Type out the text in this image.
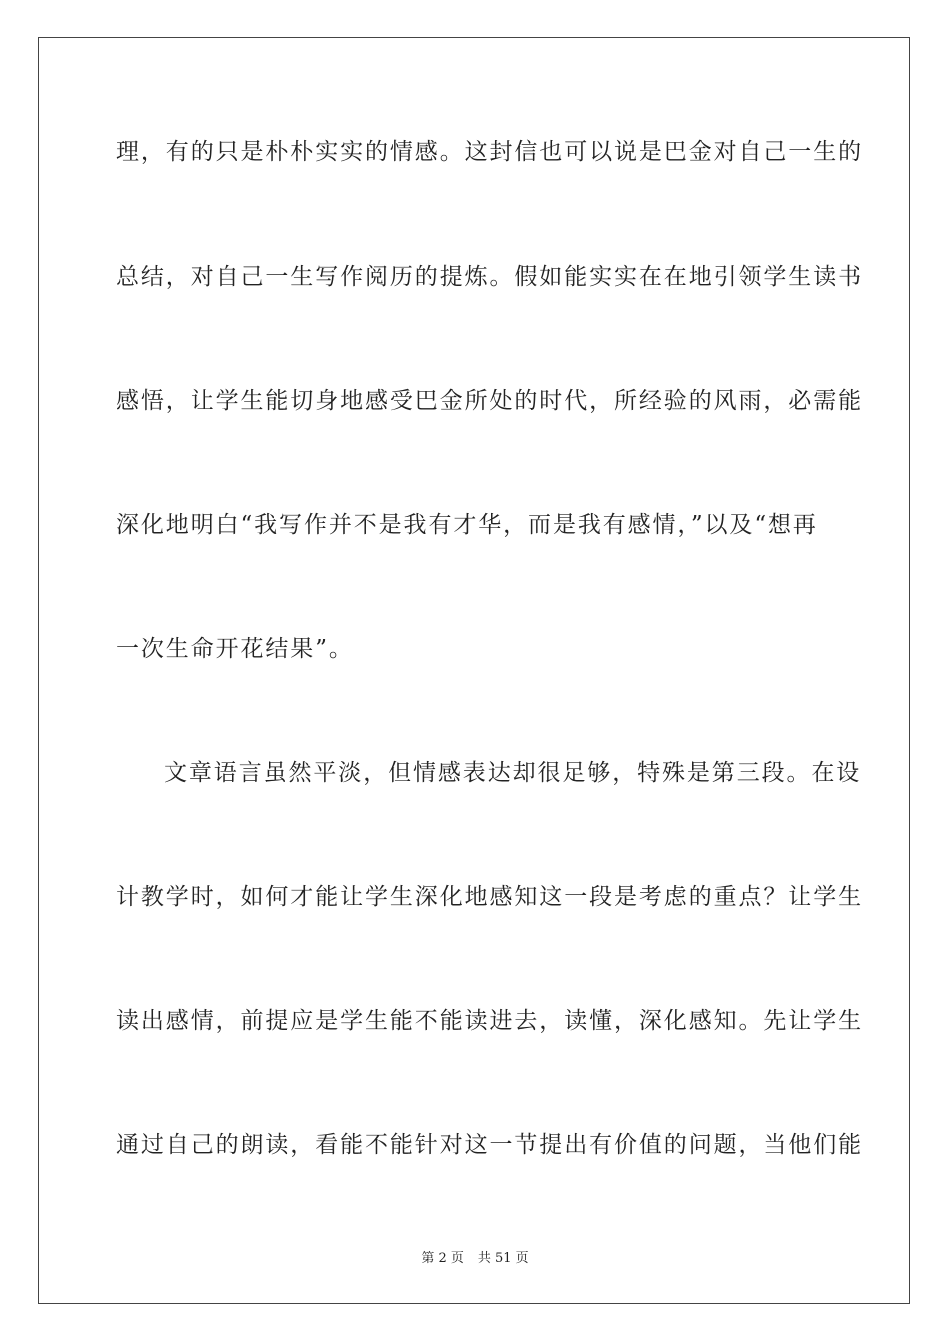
理，有的只是朴朴实实的情感。这封信也可以说是巴金对自己一生的
总结，对自己一生写作阅历的提炼。假如能实实在在地引领学生读书
感悟，让学生能切身地感受巴金所处的时代，所经验的风雨，必需能
深化地明白“我写作并不是我有才华，而是我有感情，”以及“想再
一次生命开花结果”。
文章语言虽然平淡，但情感表达却很足够，特殊是第三段。在设
计教学时，如何才能让学生深化地感知这一段是考虑的重点？让学生
读出感情，前提应是学生能不能读进去，读懂，深化感知。先让学生
通过自己的朗读，看能不能针对这一节提出有价值的问题，当他们能
第 2 页 共 51 页
